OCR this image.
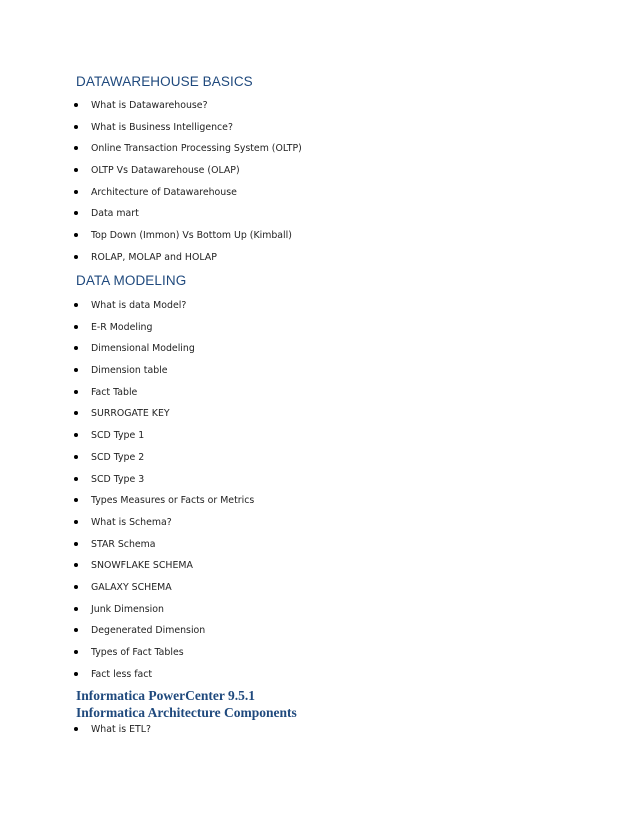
DATAWAREHOUSE BASICS
What is Datawarehouse?
What is Business Intelligence?
Online Transaction Processing System (OLTP)
OLTP Vs Datawarehouse (OLAP)
Architecture of Datawarehouse
Data mart
Top Down (Immon) Vs Bottom Up (Kimball)
ROLAP, MOLAP and HOLAP
DATA MODELING
What is data Model?
E-R Modeling
Dimensional Modeling
Dimension table
Fact Table
SURROGATE KEY
SCD Type 1
SCD Type 2
SCD Type 3
Types Measures or Facts or Metrics
What is Schema?
STAR Schema
SNOWFLAKE SCHEMA
GALAXY SCHEMA
Junk Dimension
Degenerated Dimension
Types of Fact Tables
Fact less fact
Informatica PowerCenter 9.5.1
Informatica Architecture Components
What is ETL?
